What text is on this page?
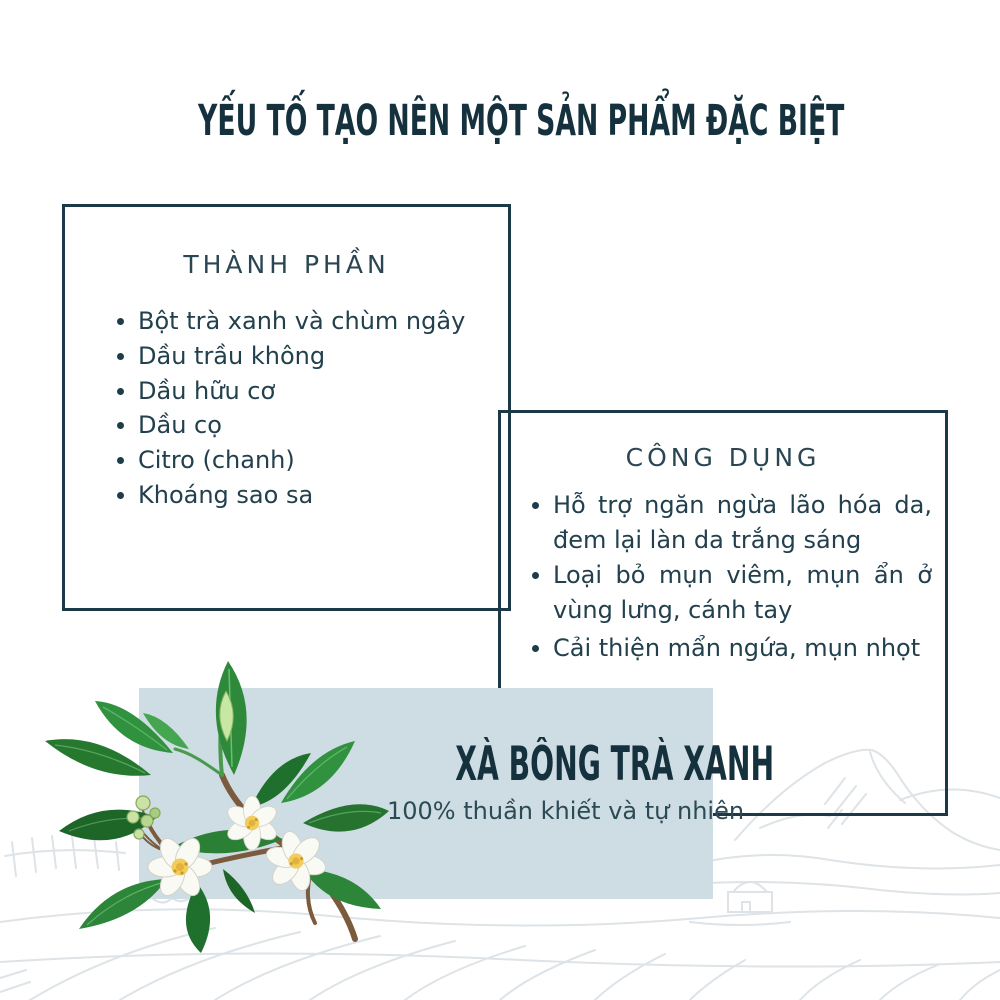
YẾU TỐ TẠO NÊN MỘT SẢN PHẨM ĐẶC BIỆT
THÀNH PHẦN
Bột trà xanh và chùm ngây
Dầu trầu không
Dầu hữu cơ
Dầu cọ
Citro (chanh)
Khoáng sao sa
CÔNG DỤNG
Hỗ trợ ngăn ngừa lão hóa da, đem lại làn da trắng sáng
Loại bỏ mụn viêm, mụn ẩn ở vùng lưng, cánh tay
Cải thiện mẩn ngứa, mụn nhọt
XÀ BÔNG TRÀ XANH
100% thuần khiết và tự nhiên
